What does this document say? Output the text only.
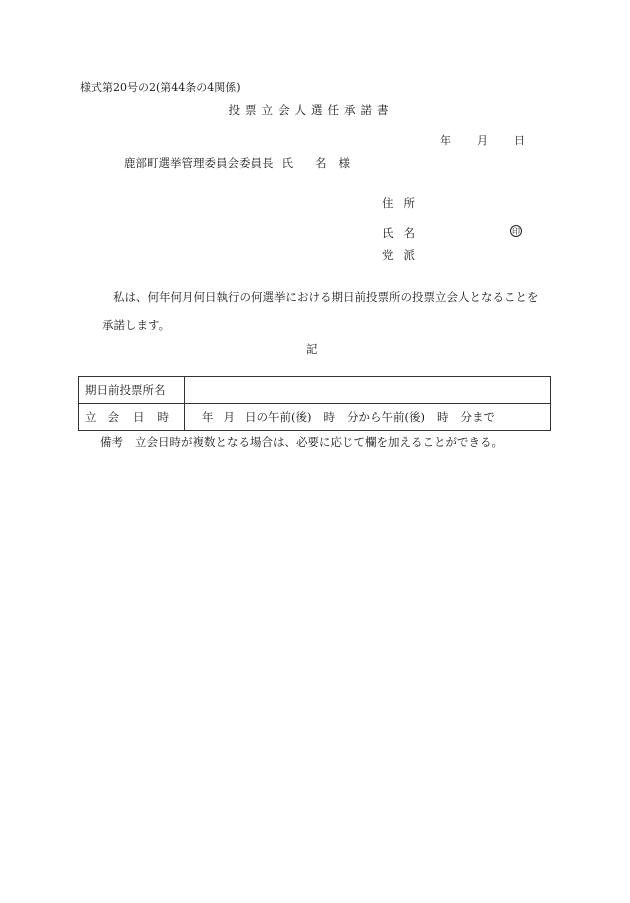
様式第20号の2(第44条の4関係)
投票立会人選任承諾書
年 月 日
鹿部町選挙管理委員会委員長 氏 名 様
住 所
氏 名	印
党 派
私は、何年何月何日執行の何選挙における期日前投票所の投票立会人となることを
承諾します。
記
期日前投票所名	
立 会 日 時	年 月 日の午前(後) 時 分から午前(後) 時 分まで
備考 立会日時が複数となる場合は、必要に応じて欄を加えることができる。
